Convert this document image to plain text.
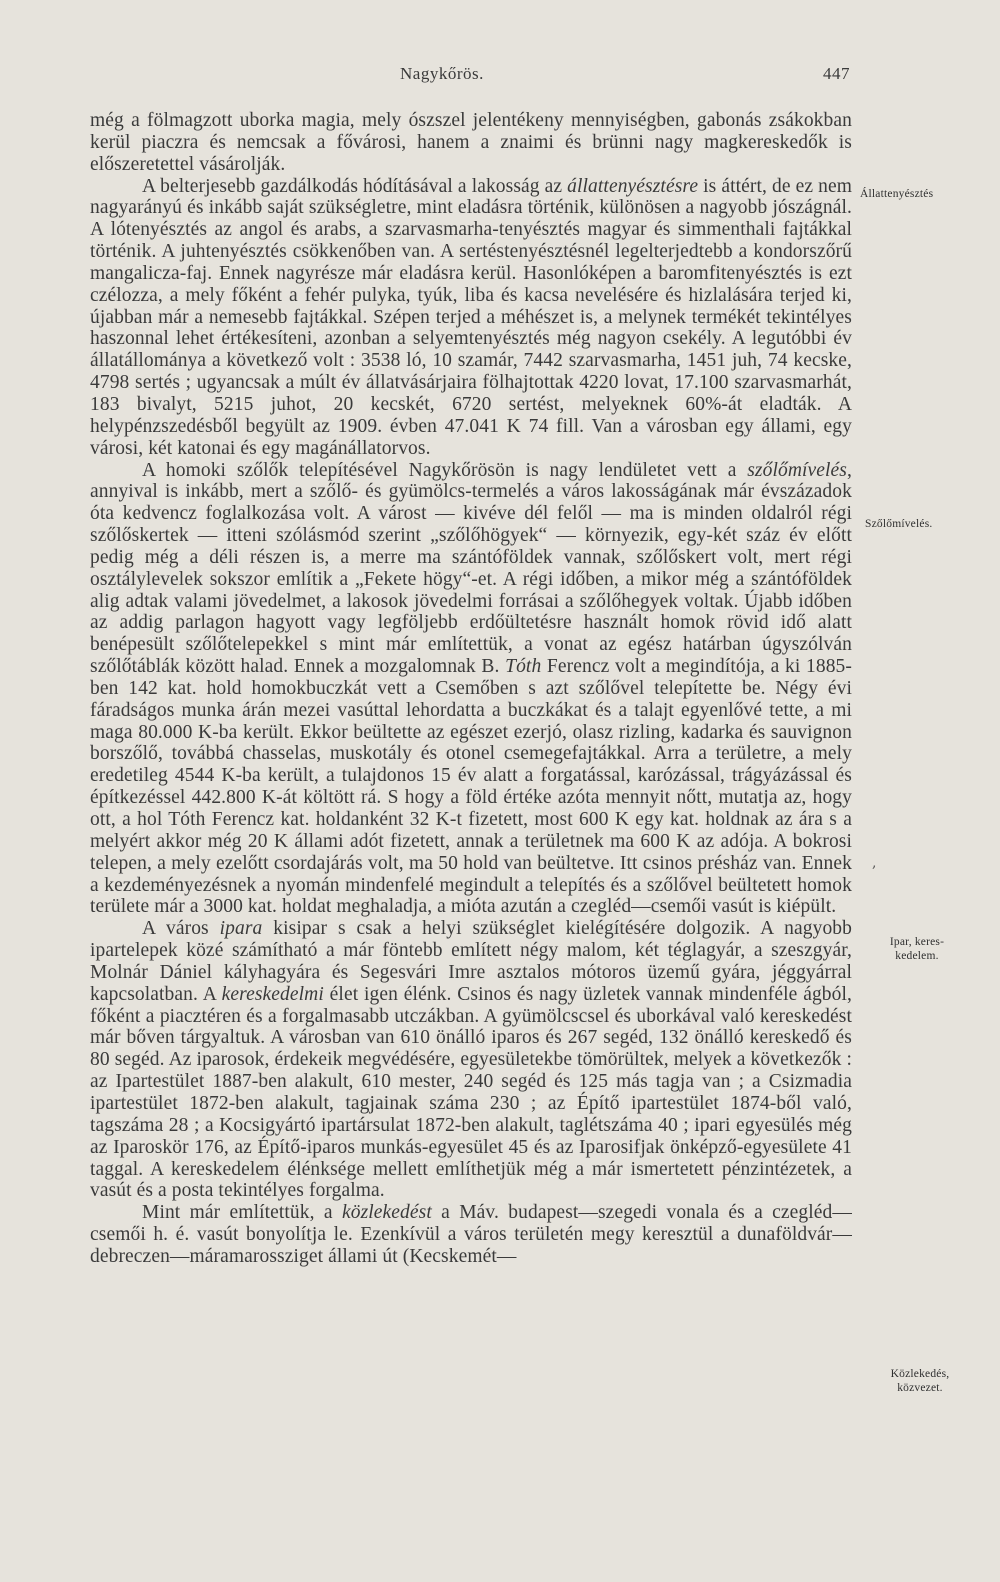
Nagykőrös.	447

még a fölmagzott uborka magia, mely ószszel jelentékeny mennyiségben, gabonás zsákokban kerül piaczra és nemcsak a fővárosi, hanem a znaimi és brünni nagy magkereskedők is előszeretettel vásárolják.

A belterjesebb gazdálkodás hódításával a lakosság az állattenyésztésre is áttért, de ez nem nagyarányú és inkább saját szükségletre, mint eladásra történik, különösen a nagyobb jószágnál. A lótenyésztés az angol és arabs, a szarvasmarha-tenyésztés magyar és simmenthali fajtákkal történik. A juhtenyésztés csökkenőben van. A sertéstenyésztésnél legelterjedtebb a kondorszőrű mangalicza-faj. Ennek nagyrésze már eladásra kerül. Hasonlóképen a baromfitenyésztés is ezt czélozza, a mely főként a fehér pulyka, tyúk, liba és kacsa nevelésére és hizlalására terjed ki, újabban már a nemesebb fajtákkal. Szépen terjed a méhészet is, a melynek termékét tekintélyes haszonnal lehet értékesíteni, azonban a selyemtenyésztés még nagyon csekély. A legutóbbi év állatállománya a következő volt : 3538 ló, 10 szamár, 7442 szarvasmarha, 1451 juh, 74 kecske, 4798 sertés ; ugyancsak a múlt év állatvásárjaira fölhajtottak 4220 lovat, 17.100 szarvasmarhát, 183 bivalyt, 5215 juhot, 20 kecskét, 6720 sertést, melyeknek 60%-át eladták. A helypénzszedésből begyült az 1909. évben 47.041 K 74 fill. Van a városban egy állami, egy városi, két katonai és egy magánállatorvos.

A homoki szőlők telepítésével Nagykőrösön is nagy lendületet vett a szőlőmívelés, annyival is inkább, mert a szőlő- és gyümölcs-termelés a város lakosságának már évszázadok óta kedvencz foglalkozása volt. A várost — kivéve dél felől — ma is minden oldalról régi szőlőskertek — itteni szólásmód szerint „szőlőhögyek“ — környezik, egy-két száz év előtt pedig még a déli részen is, a merre ma szántóföldek vannak, szőlőskert volt, mert régi osztálylevelek sokszor említik a „Fekete högy“-et. A régi időben, a mikor még a szántóföldek alig adtak valami jövedelmet, a lakosok jövedelmi forrásai a szőlőhegyek voltak. Újabb időben az addig parlagon hagyott vagy legföljebb erdőültetésre használt homok rövid idő alatt benépesült szőlőtelepekkel s mint már említettük, a vonat az egész határban úgyszólván szőlőtáblák között halad. Ennek a mozgalomnak B. Tóth Ferencz volt a megindítója, a ki 1885-ben 142 kat. hold homokbuczkát vett a Csemőben s azt szőlővel telepítette be. Négy évi fáradságos munka árán mezei vasúttal lehordatta a buczkákat és a talajt egyenlővé tette, a mi maga 80.000 K-ba került. Ekkor beültette az egészet ezerjó, olasz rizling, kadarka és sauvignon borszőlő, továbbá chasselas, muskotály és otonel csemegefajtákkal. Arra a területre, a mely eredetileg 4544 K-ba került, a tulajdonos 15 év alatt a forgatással, karózással, trágyázással és építkezéssel 442.800 K-át költött rá. S hogy a föld értéke azóta mennyit nőtt, mutatja az, hogy ott, a hol Tóth Ferencz kat. holdanként 32 K-t fizetett, most 600 K egy kat. holdnak az ára s a melyért akkor még 20 K állami adót fizetett, annak a területnek ma 600 K az adója. A bokrosi telepen, a mely ezelőtt csordajárás volt, ma 50 hold van beültetve. Itt csinos présház van. Ennek a kezdeményezésnek a nyomán mindenfelé megindult a telepítés és a szőlővel beültetett homok területe már a 3000 kat. holdat meghaladja, a mióta azután a czegléd—csemői vasút is kiépült.

A város ipara kisipar s csak a helyi szükséglet kielégítésére dolgozik. A nagyobb ipartelepek közé számítható a már föntebb említett négy malom, két téglagyár, a szeszgyár, Molnár Dániel kályhagyára és Segesvári Imre asztalos mótoros üzemű gyára, jéggyárral kapcsolatban. A kereskedelmi élet igen élénk. Csinos és nagy üzletek vannak mindenféle ágból, főként a piacztéren és a forgalmasabb utczákban. A gyümölcscsel és uborkával való kereskedést már bőven tárgyaltuk. A városban van 610 önálló iparos és 267 segéd, 132 önálló kereskedő és 80 segéd. Az iparosok, érdekeik megvédésére, egyesületekbe tömörültek, melyek a következők : az Ipartestület 1887-ben alakult, 610 mester, 240 segéd és 125 más tagja van ; a Csizmadia ipartestület 1872-ben alakult, tagjainak száma 230 ; az Építő ipartestület 1874-ből való, tagszáma 28 ; a Kocsigyártó ipartársulat 1872-ben alakult, taglétszáma 40 ; ipari egyesülés még az Iparoskör 176, az Építő-iparos munkás-egyesület 45 és az Iparosifjak önképző-egyesülete 41 taggal. A kereskedelem élénksége mellett említhetjük még a már ismertetett pénzintézetek, a vasút és a posta tekintélyes forgalma.

Mint már említettük, a közlekedést a Máv. budapest—szegedi vonala és a czegléd—csemői h. é. vasút bonyolítja le. Ezenkívül a város területén megy keresztül a dunaföldvár—debreczen—máramarossziget állami út (Kecskemét—

Állattenyésztés
Szőlőmívelés.
Ipar, keres-
kedelem.
Közlekedés,
közvezet.
,
